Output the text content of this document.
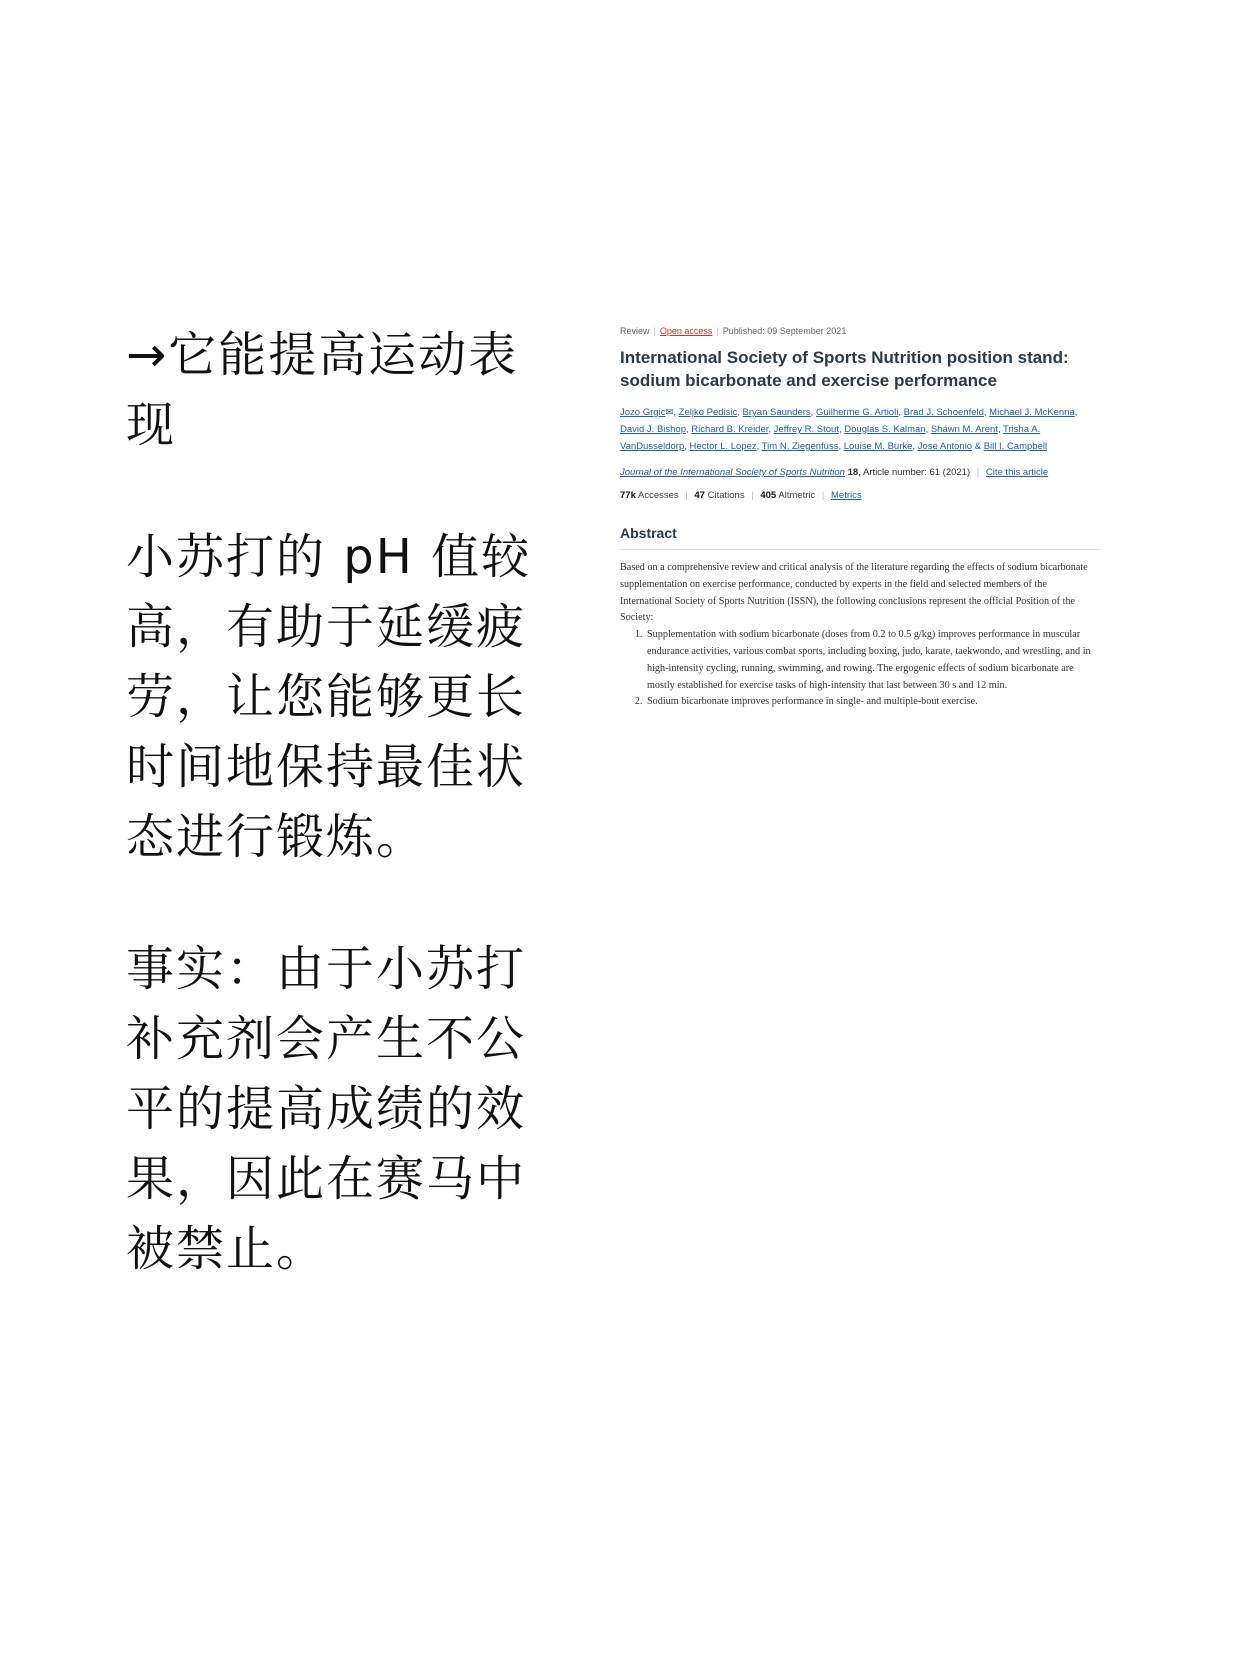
→它能提高运动表现

小苏打的 pH 值较高，有助于延缓疲劳，让您能够更长时间地保持最佳状态进行锻炼。

事实：由于小苏打补充剂会产生不公平的提高成绩的效果，因此在赛马中被禁止。

Review | Open access | Published: 09 September 2021
International Society of Sports Nutrition position stand: sodium bicarbonate and exercise performance
Jozo Grgic✉, Zeljko Pedisic, Bryan Saunders, Guilherme G. Artioli, Brad J. Schoenfeld, Michael J. McKenna, David J. Bishop, Richard B. Kreider, Jeffrey R. Stout, Douglas S. Kalman, Shawn M. Arent, Trisha A. VanDusseldorp, Hector L. Lopez, Tim N. Ziegenfuss, Louise M. Burke, Jose Antonio & Bill I. Campbell
Journal of the International Society of Sports Nutrition 18, Article number: 61 (2021) | Cite this article
77k Accesses | 47 Citations | 405 Altmetric | Metrics
Abstract
Based on a comprehensive review and critical analysis of the literature regarding the effects of sodium bicarbonate supplementation on exercise performance, conducted by experts in the field and selected members of the International Society of Sports Nutrition (ISSN), the following conclusions represent the official Position of the Society:
1. Supplementation with sodium bicarbonate (doses from 0.2 to 0.5 g/kg) improves performance in muscular endurance activities, various combat sports, including boxing, judo, karate, taekwondo, and wrestling, and in high-intensity cycling, running, swimming, and rowing. The ergogenic effects of sodium bicarbonate are mostly established for exercise tasks of high-intensity that last between 30 s and 12 min.
2. Sodium bicarbonate improves performance in single- and multiple-bout exercise.
